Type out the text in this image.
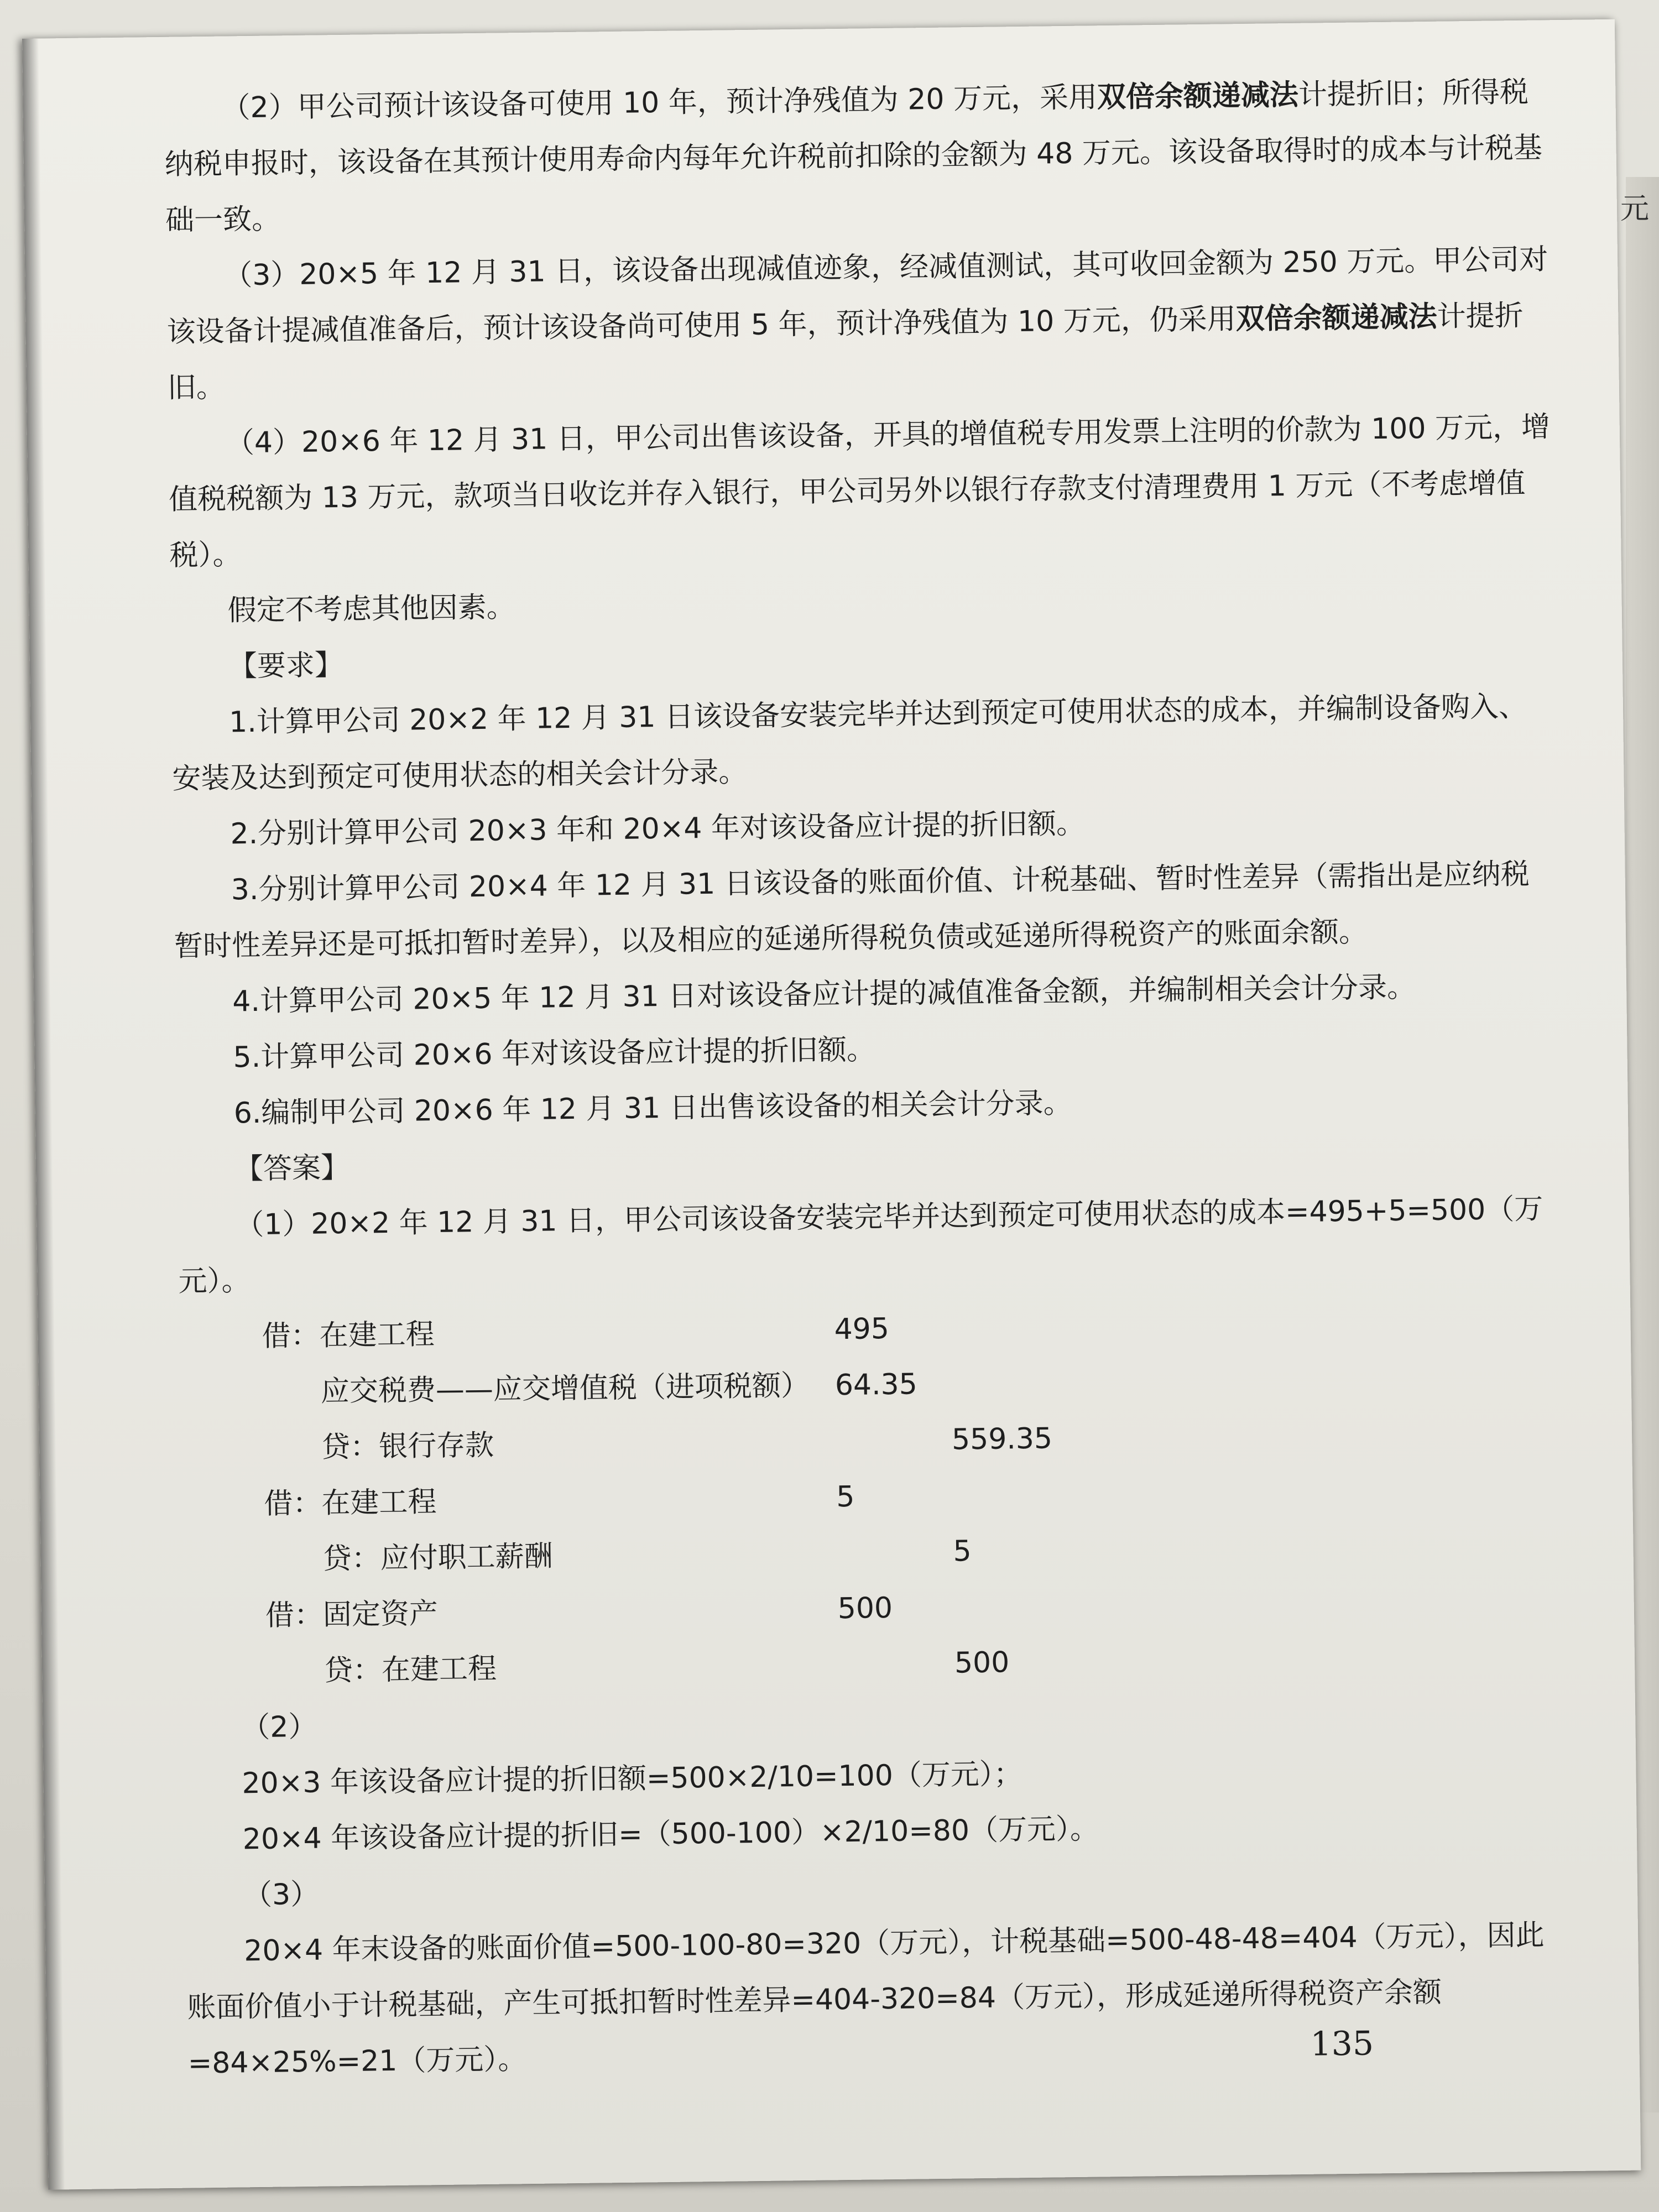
元

（2）甲公司预计该设备可使用 10 年，预计净残值为 20 万元，采用双倍余额递减法计提折旧；所得税纳税申报时，该设备在其预计使用寿命内每年允许税前扣除的金额为 48 万元。该设备取得时的成本与计税基础一致。

（3）20×5 年 12 月 31 日，该设备出现减值迹象，经减值测试，其可收回金额为 250 万元。甲公司对该设备计提减值准备后，预计该设备尚可使用 5 年，预计净残值为 10 万元，仍采用双倍余额递减法计提折旧。

（4）20×6 年 12 月 31 日，甲公司出售该设备，开具的增值税专用发票上注明的价款为 100 万元，增值税税额为 13 万元，款项当日收讫并存入银行，甲公司另外以银行存款支付清理费用 1 万元（不考虑增值税）。

假定不考虑其他因素。

【要求】

1.计算甲公司 20×2 年 12 月 31 日该设备安装完毕并达到预定可使用状态的成本，并编制设备购入、安装及达到预定可使用状态的相关会计分录。

2.分别计算甲公司 20×3 年和 20×4 年对该设备应计提的折旧额。

3.分别计算甲公司 20×4 年 12 月 31 日该设备的账面价值、计税基础、暂时性差异（需指出是应纳税暂时性差异还是可抵扣暂时差异），以及相应的延递所得税负债或延递所得税资产的账面余额。

4.计算甲公司 20×5 年 12 月 31 日对该设备应计提的减值准备金额，并编制相关会计分录。

5.计算甲公司 20×6 年对该设备应计提的折旧额。

6.编制甲公司 20×6 年 12 月 31 日出售该设备的相关会计分录。

【答案】

（1）20×2 年 12 月 31 日，甲公司该设备安装完毕并达到预定可使用状态的成本=495+5=500（万元）。

借：在建工程	495
应交税费——应交增值税（进项税额） 64.35
贷：银行存款	559.35
借：在建工程	5
贷：应付职工薪酬	5
借：固定资产	500
贷：在建工程	500

（2）

20×3 年该设备应计提的折旧额=500×2/10=100（万元）；

20×4 年该设备应计提的折旧=（500-100）×2/10=80（万元）。

（3）

20×4 年末设备的账面价值=500-100-80=320（万元），计税基础=500-48-48=404（万元），因此账面价值小于计税基础，产生可抵扣暂时性差异=404-320=84（万元），形成延递所得税资产余额=84×25%=21（万元）。	135
